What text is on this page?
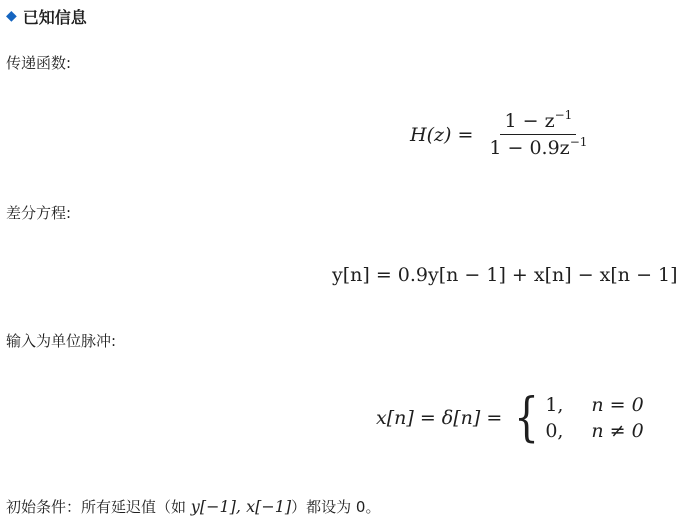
◆ 已知信息
传递函数:
$H(z) = \frac{1 - z^{-1}}{1 - 0.9z^{-1}}$
差分方程:
y[n] = 0.9y[n − 1] + x[n] − x[n − 1]
输入为单位脉冲:
x[n] = δ[n] = { 1,	n = 0
0,	n ≠ 0
初始条件：所有延迟值（如 y[−1], x[−1]）都设为 0。
